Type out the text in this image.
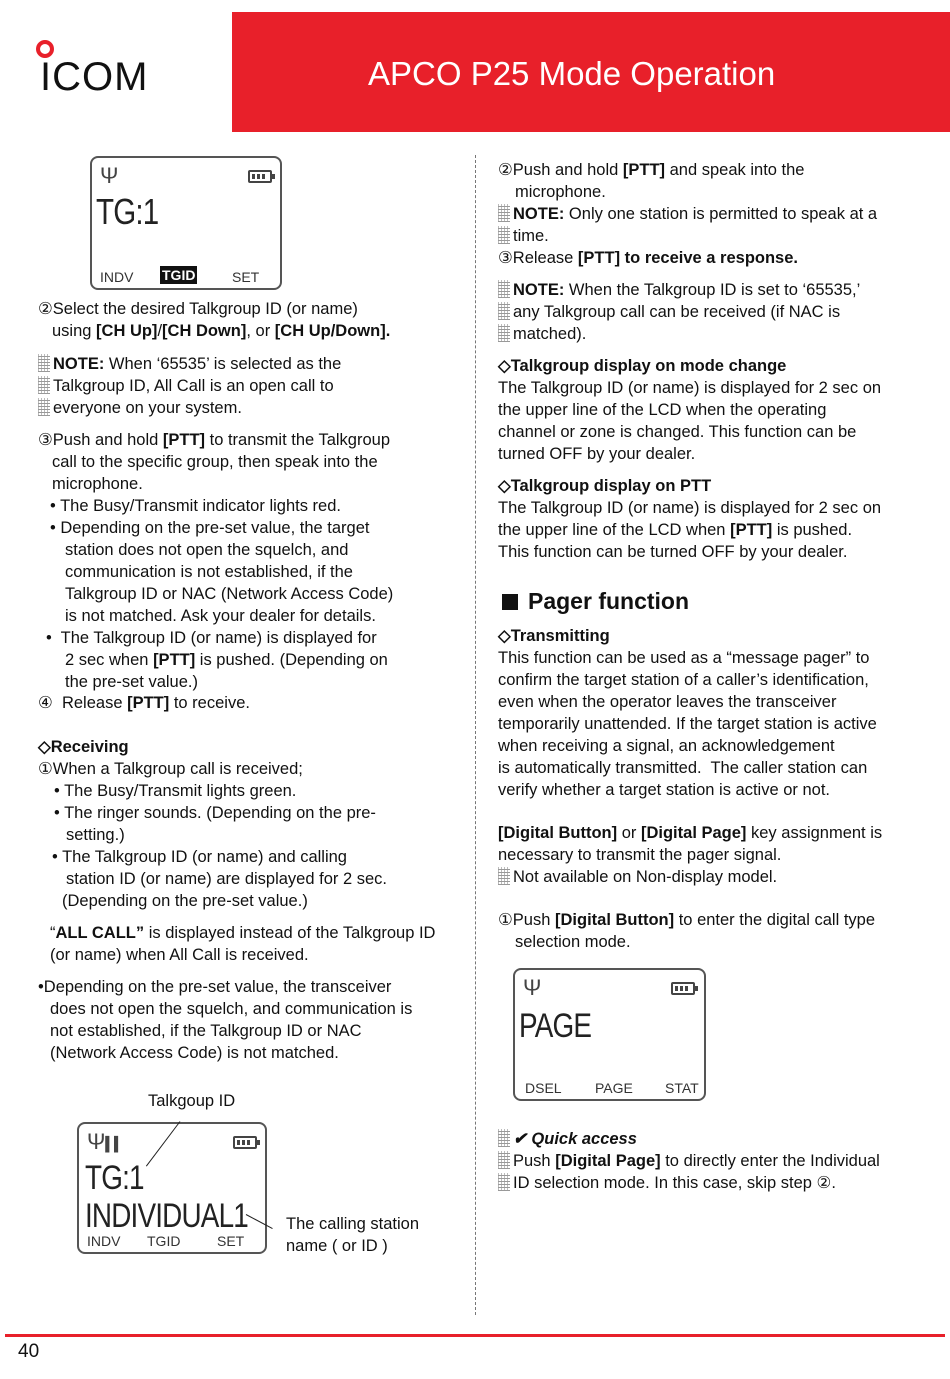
ICOM	APCO P25 Mode Operation
Ψ
TG:1
INDV TGID	SET
②Select the desired Talkgroup ID (or name)
using [CH Up]/[CH Down], or [CH Up/Down].
NOTE: When ‘65535’ is selected as the
Talkgroup ID, All Call is an open call to
everyone on your system.
③Push and hold [PTT] to transmit the Talkgroup
call to the specific group, then speak into the
microphone.
• The Busy/Transmit indicator lights red.
• Depending on the pre-set value, the target
station does not open the squelch, and
communication is not established, if the
Talkgroup ID or NAC (Network Access Code)
is not matched. Ask your dealer for details.
•  The Talkgroup ID (or name) is displayed for
2 sec when [PTT] is pushed. (Depending on
the pre-set value.)
④  Release [PTT] to receive.
◇Receiving
①When a Talkgroup call is received;
• The Busy/Transmit lights green.
• The ringer sounds. (Depending on the pre-
setting.)
• The Talkgroup ID (or name) and calling
station ID (or name) are displayed for 2 sec.
(Depending on the pre-set value.)
“ALL CALL” is displayed instead of the Talkgroup ID
(or name) when All Call is received.
•Depending on the pre-set value, the transceiver
does not open the squelch, and communication is
not established, if the Talkgroup ID or NAC
(Network Access Code) is not matched.
Talkgoup ID
Ψ▍▍
TG:1
INDIVIDUAL1
INDV TGID	SET
The calling station
name ( or ID )
②Push and hold [PTT] and speak into the
microphone.
NOTE: Only one station is permitted to speak at a
time.
③Release [PTT] to receive a response.
NOTE: When the Talkgroup ID is set to ‘65535,’
any Talkgroup call can be received (if NAC is
matched).
◇Talkgroup display on mode change
The Talkgroup ID (or name) is displayed for 2 sec on
the upper line of the LCD when the operating
channel or zone is changed. This function can be
turned OFF by your dealer.
◇Talkgroup display on PTT
The Talkgroup ID (or name) is displayed for 2 sec on
the upper line of the LCD when [PTT] is pushed.
This function can be turned OFF by your dealer.
Pager function
◇Transmitting
This function can be used as a “message pager” to
confirm the target station of a caller’s identification,
even when the operator leaves the transceiver
temporarily unattended. If the target station is active
when receiving a signal, an acknowledgement
is automatically transmitted.  The caller station can
verify whether a target station is active or not.
[Digital Button] or [Digital Page] key assignment is
necessary to transmit the pager signal.
Not available on Non-display model.
①Push [Digital Button] to enter the digital call type
selection mode.
Ψ
PAGE
DSEL PAGE STAT
✔ Quick access
Push [Digital Page] to directly enter the Individual
ID selection mode. In this case, skip step ②.
40
